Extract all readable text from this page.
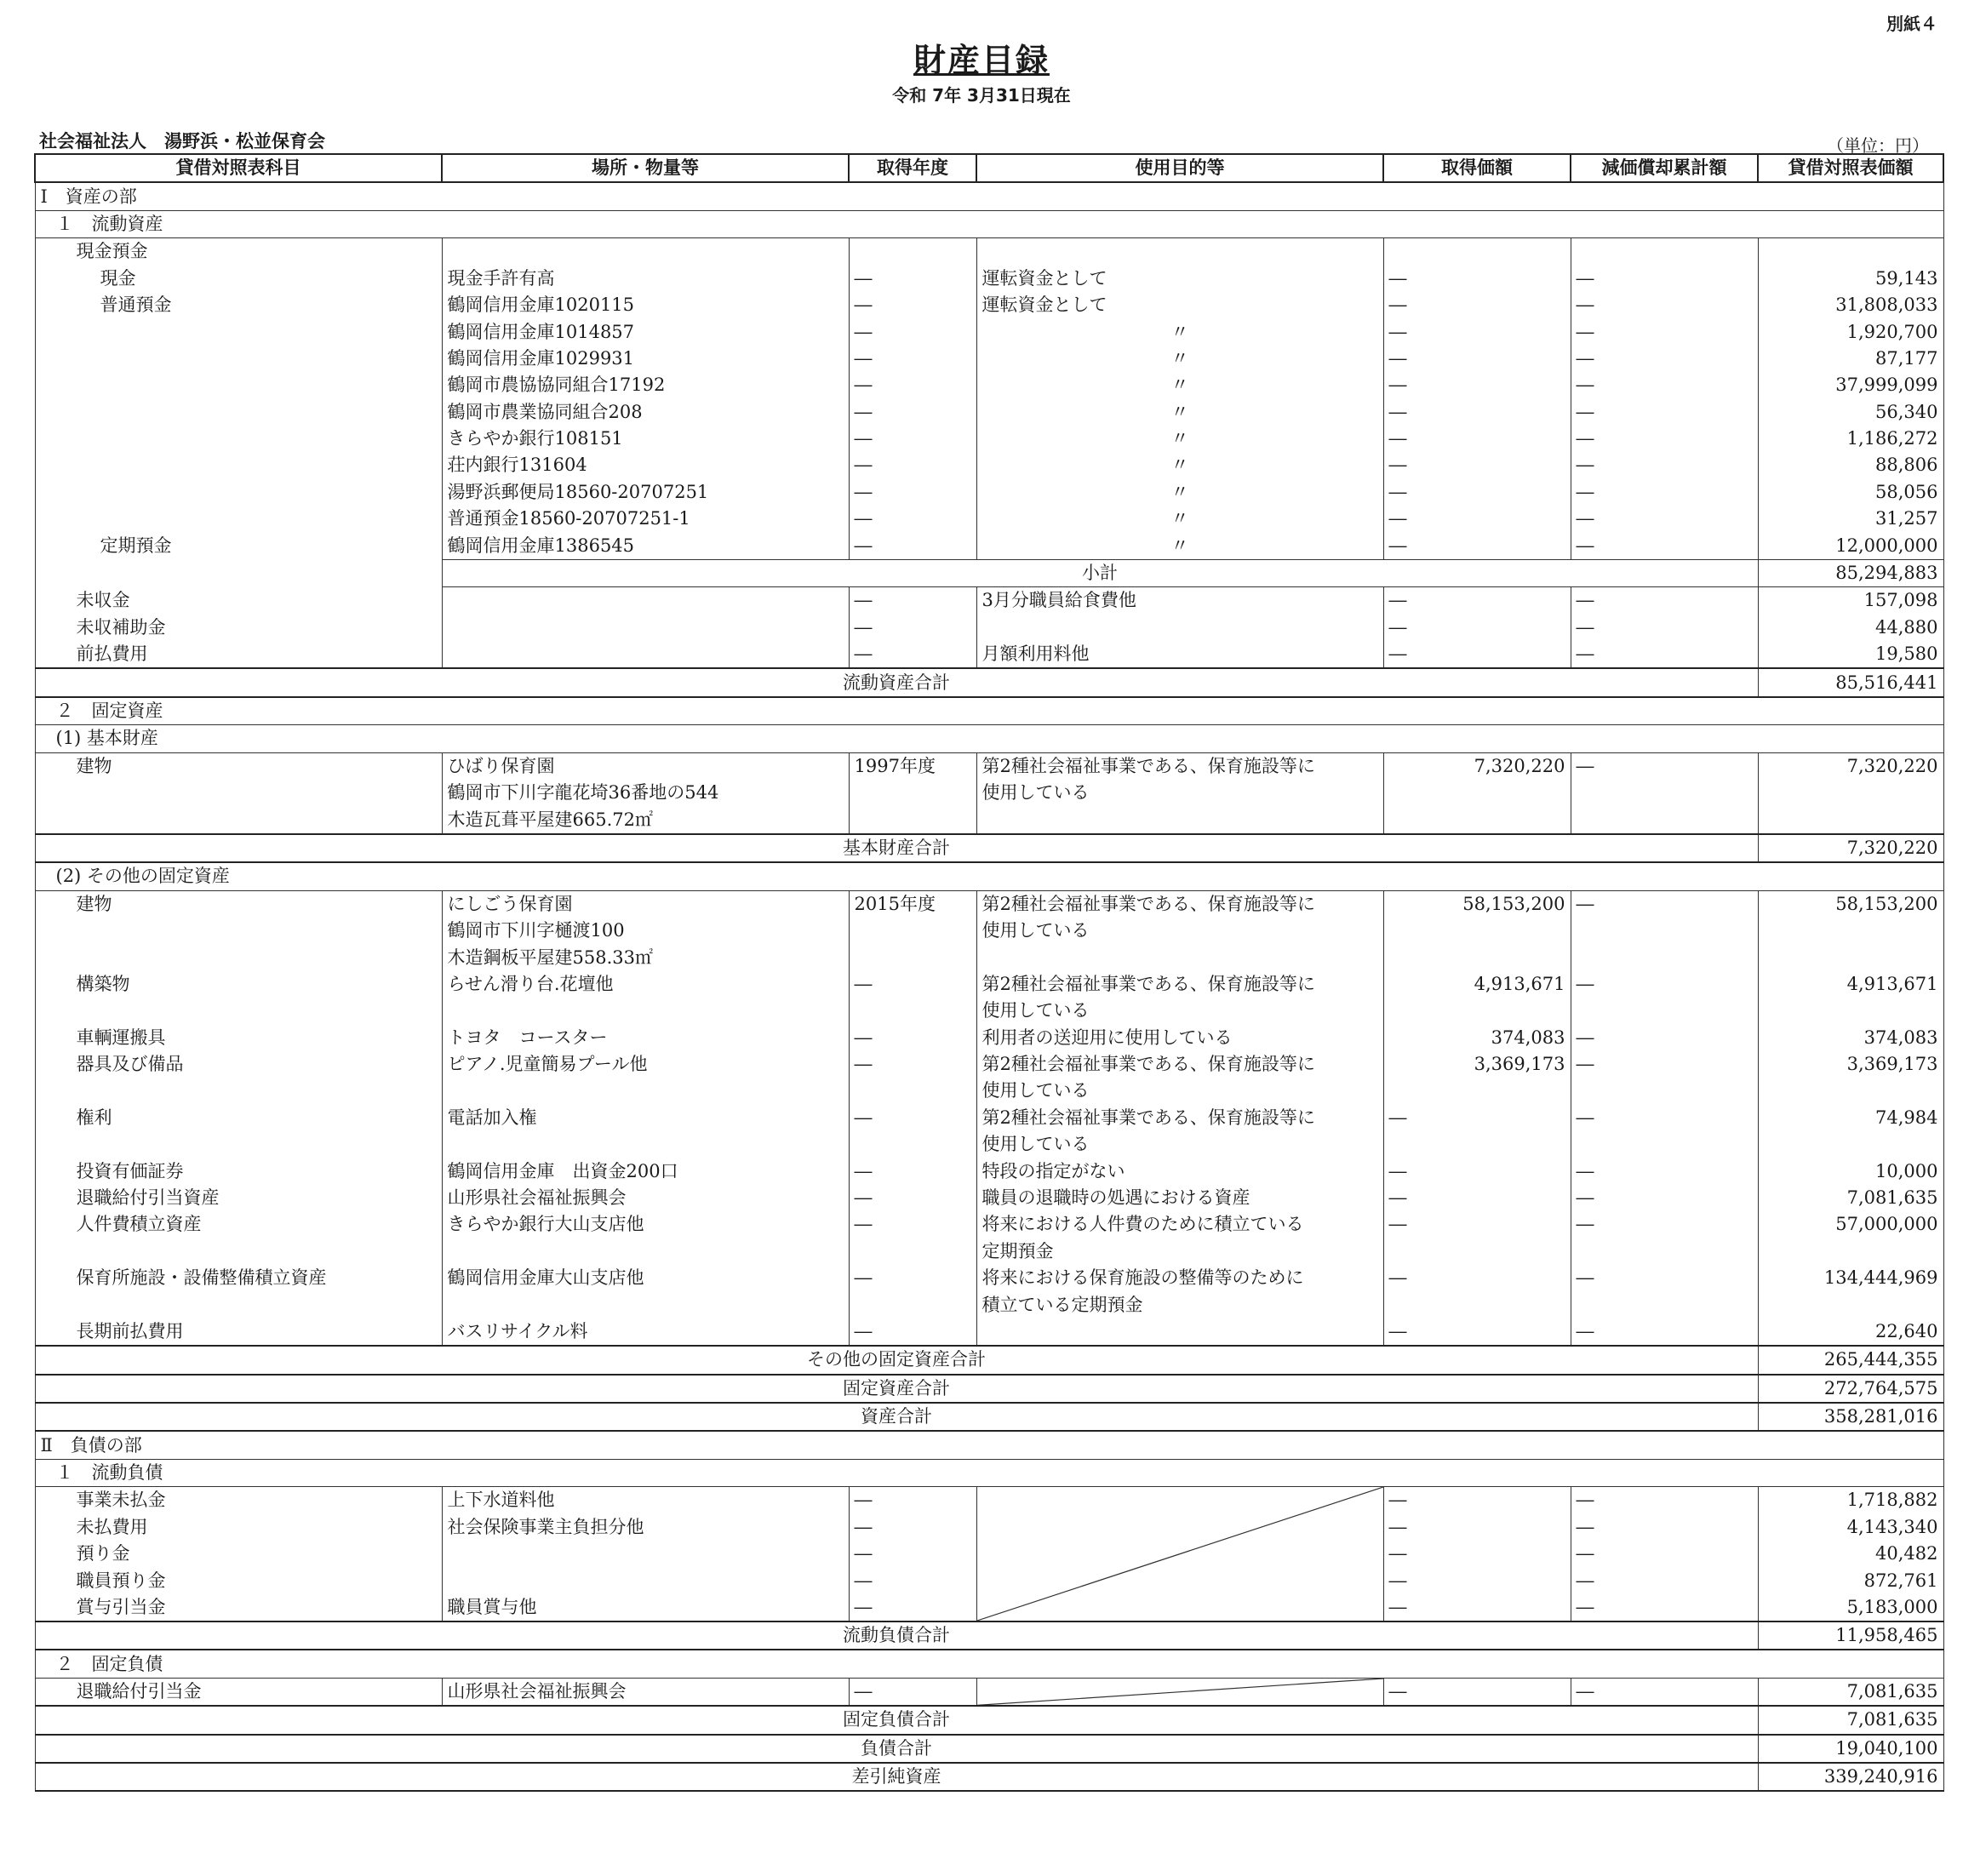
別紙４
財産目録
令和 7年 3月31日現在
社会福祉法人　湯野浜・松並保育会	（単位：円）
貸借対照表科目	場所・物量等	取得年度	使用目的等	取得価額	減価償却累計額	貸借対照表価額
Ⅰ　資産の部						
１　流動資産						
現金預金						
現金	現金手許有高	―	運転資金として	―	―	59,143
普通預金	鶴岡信用金庫1020115	―	運転資金として	―	―	31,808,033
	鶴岡信用金庫1014857	―	〃	―	―	1,920,700
	鶴岡信用金庫1029931	―	〃	―	―	87,177
	鶴岡市農協協同組合17192	―	〃	―	―	37,999,099
	鶴岡市農業協同組合208	―	〃	―	―	56,340
	きらやか銀行108151	―	〃	―	―	1,186,272
	荘内銀行131604	―	〃	―	―	88,806
	湯野浜郵便局18560-20707251	―	〃	―	―	58,056
	普通預金18560-20707251-1	―	〃	―	―	31,257
定期預金	鶴岡信用金庫1386545	―	〃	―	―	12,000,000
	小計					85,294,883
未収金		―	3月分職員給食費他	―	―	157,098
未収補助金		―		―	―	44,880
前払費用		―	月額利用料他	―	―	19,580
流動資産合計						85,516,441
２　固定資産						
(1) 基本財産						
建物	ひばり保育園	1997年度	第2種社会福祉事業である、保育施設等に	7,320,220	―	7,320,220
	鶴岡市下川字龍花埼36番地の544		使用している			
	木造瓦葺平屋建665.72㎡					
基本財産合計						7,320,220
(2) その他の固定資産						
建物	にしごう保育園	2015年度	第2種社会福祉事業である、保育施設等に	58,153,200	―	58,153,200
	鶴岡市下川字樋渡100		使用している			
	木造鋼板平屋建558.33㎡					
構築物	らせん滑り台.花壇他	―	第2種社会福祉事業である、保育施設等に	4,913,671	―	4,913,671
			使用している			
車輌運搬具	トヨタ　コースター	―	利用者の送迎用に使用している	374,083	―	374,083
器具及び備品	ピアノ.児童簡易プール他	―	第2種社会福祉事業である、保育施設等に	3,369,173	―	3,369,173
			使用している			
権利	電話加入権	―	第2種社会福祉事業である、保育施設等に	―	―	74,984
			使用している			
投資有価証券	鶴岡信用金庫　出資金200口	―	特段の指定がない	―	―	10,000
退職給付引当資産	山形県社会福祉振興会	―	職員の退職時の処遇における資産	―	―	7,081,635
人件費積立資産	きらやか銀行大山支店他	―	将来における人件費のために積立ている	―	―	57,000,000
			定期預金			
保育所施設・設備整備積立資産	鶴岡信用金庫大山支店他	―	将来における保育施設の整備等のために	―	―	134,444,969
			積立ている定期預金			
長期前払費用	バスリサイクル料	―		―	―	22,640
その他の固定資産合計						265,444,355
固定資産合計						272,764,575
資産合計						358,281,016
Ⅱ　負債の部						
１　流動負債						
事業未払金	上下水道料他	―		―	―	1,718,882
未払費用	社会保険事業主負担分他	―		―	―	4,143,340
預り金		―		―	―	40,482
職員預り金		―		―	―	872,761
賞与引当金	職員賞与他	―		―	―	5,183,000
流動負債合計						11,958,465
２　固定負債						
退職給付引当金	山形県社会福祉振興会	―		―	―	7,081,635
固定負債合計						7,081,635
負債合計						19,040,100
差引純資産						339,240,916
